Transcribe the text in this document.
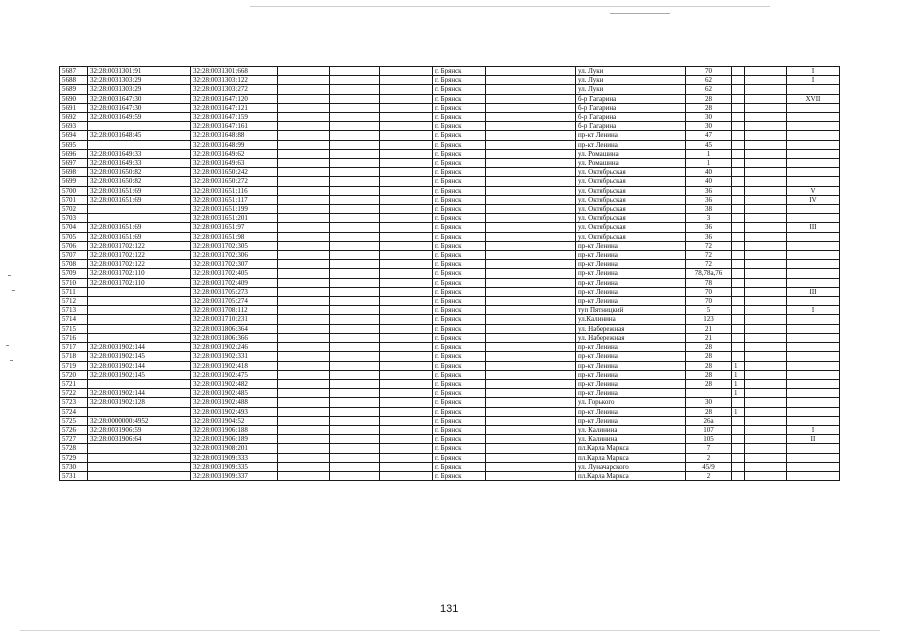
5687	32:28:0031301:91	32:28:0031301:668				г. Брянск		ул. Луки	70			I
5688	32:28:0031303:29	32:28:0031303:122				г. Брянск		ул. Луки	62			I
5689	32:28:0031303:29	32:28:0031303:272				г. Брянск		ул. Луки	62			
5690	32:28:0031647:30	32:28:0031647:120				г. Брянск		б-р Гагарина	28			XVII
5691	32:28:0031647:30	32:28:0031647:121				г. Брянск		б-р Гагарина	28			
5692	32:28:0031649:59	32:28:0031647:159				г. Брянск		б-р Гагарина	30			
5693		32:28:0031647:161				г. Брянск		б-р Гагарина	30			
5694	32:28:0031648:45	32:28:0031648:88				г. Брянск		пр-кт Ленина	47			
5695		32:28:0031648:99				г. Брянск		пр-кт Ленина	45			
5696	32:28:0031649:33	32:28:0031649:62				г. Брянск		ул. Ромашина	1			
5697	32:28:0031649:33	32:28:0031649:63				г. Брянск		ул. Ромашина	1			
5698	32:28:0031650:82	32:28:0031650:242				г. Брянск		ул. Октябрьская	40			
5699	32:28:0031650:82	32:28:0031650:272				г. Брянск		ул. Октябрьская	40			
5700	32:28:0031651:69	32:28:0031651:116				г. Брянск		ул. Октябрьская	36			V
5701	32:28:0031651:69	32:28:0031651:117				г. Брянск		ул. Октябрьская	36			IV
5702		32:28:0031651:199				г. Брянск		ул. Октябрьская	38			
5703		32:28:0031651:201				г. Брянск		ул. Октябрьская	3			
5704	32:28:0031651:69	32:28:0031651:97				г. Брянск		ул. Октябрьская	36			III
5705	32:28:0031651:69	32:28:0031651:98				г. Брянск		ул. Октябрьская	36			
5706	32:28:0031702:122	32:28:0031702:305				г. Брянск		пр-кт Ленина	72			
5707	32:28:0031702:122	32:28:0031702:306				г. Брянск		пр-кт Ленина	72			
5708	32:28:0031702:122	32:28:0031702:307				г. Брянск		пр-кт Ленина	72			
5709	32:28:0031702:110	32:28:0031702:405				г. Брянск		пр-кт Ленина	78,78а,76			
5710	32:28:0031702:110	32:28:0031702:409				г. Брянск		пр-кт Ленина	78			
5711		32:28:0031705:273				г. Брянск		пр-кт Ленина	70			III
5712		32:28:0031705:274				г. Брянск		пр-кт Ленина	70			
5713		32:28:0031708:112				г. Брянск		туп Пятницкий	5			I
5714		32:28:0031710:231				г. Брянск		ул.Калинина	123			
5715		32:28:0031806:364				г. Брянск		ул. Набережная	21			
5716		32:28:0031806:366				г. Брянск		ул. Набережная	21			
5717	32:28:0031902:144	32:28:0031902:246				г. Брянск		пр-кт Ленина	28			
5718	32:28:0031902:145	32:28:0031902:331				г. Брянск		пр-кт Ленина	28			
5719	32:28:0031902:144	32:28:0031902:418				г. Брянск		пр-кт Ленина	28	1		
5720	32:28:0031902:145	32:28:0031902:475				г. Брянск		пр-кт Ленина	28	1		
5721		32:28:0031902:482				г. Брянск		пр-кт Ленина	28	1		
5722	32:28:0031902:144	32:28:0031902:485				г. Брянск		пр-кт Ленина		1		
5723	32:28:0031902:128	32:28:0031902:488				г. Брянск		ул. Горького	30			
5724		32:28:0031902:493				г. Брянск		пр-кт Ленина	28	1		
5725	32:28:0000000:4952	32:28:0031904:52				г. Брянск		пр-кт Ленина	26а			
5726	32:28:0031906:59	32:28:0031906:188				г. Брянск		ул. Калинина	107			I
5727	32:28:0031906:64	32:28:0031906:189				г. Брянск		ул. Калинина	105			II
5728		32:28:0031908:201				г. Брянск		пл.Карла Маркса	7			
5729		32:28:0031909:333				г. Брянск		пл.Карла Маркса	2			
5730		32:28:0031909:335				г. Брянск		ул. Луначарского	45/9			
5731		32:28:0031909:337				г. Брянск		пл.Карла Маркса	2			
131
